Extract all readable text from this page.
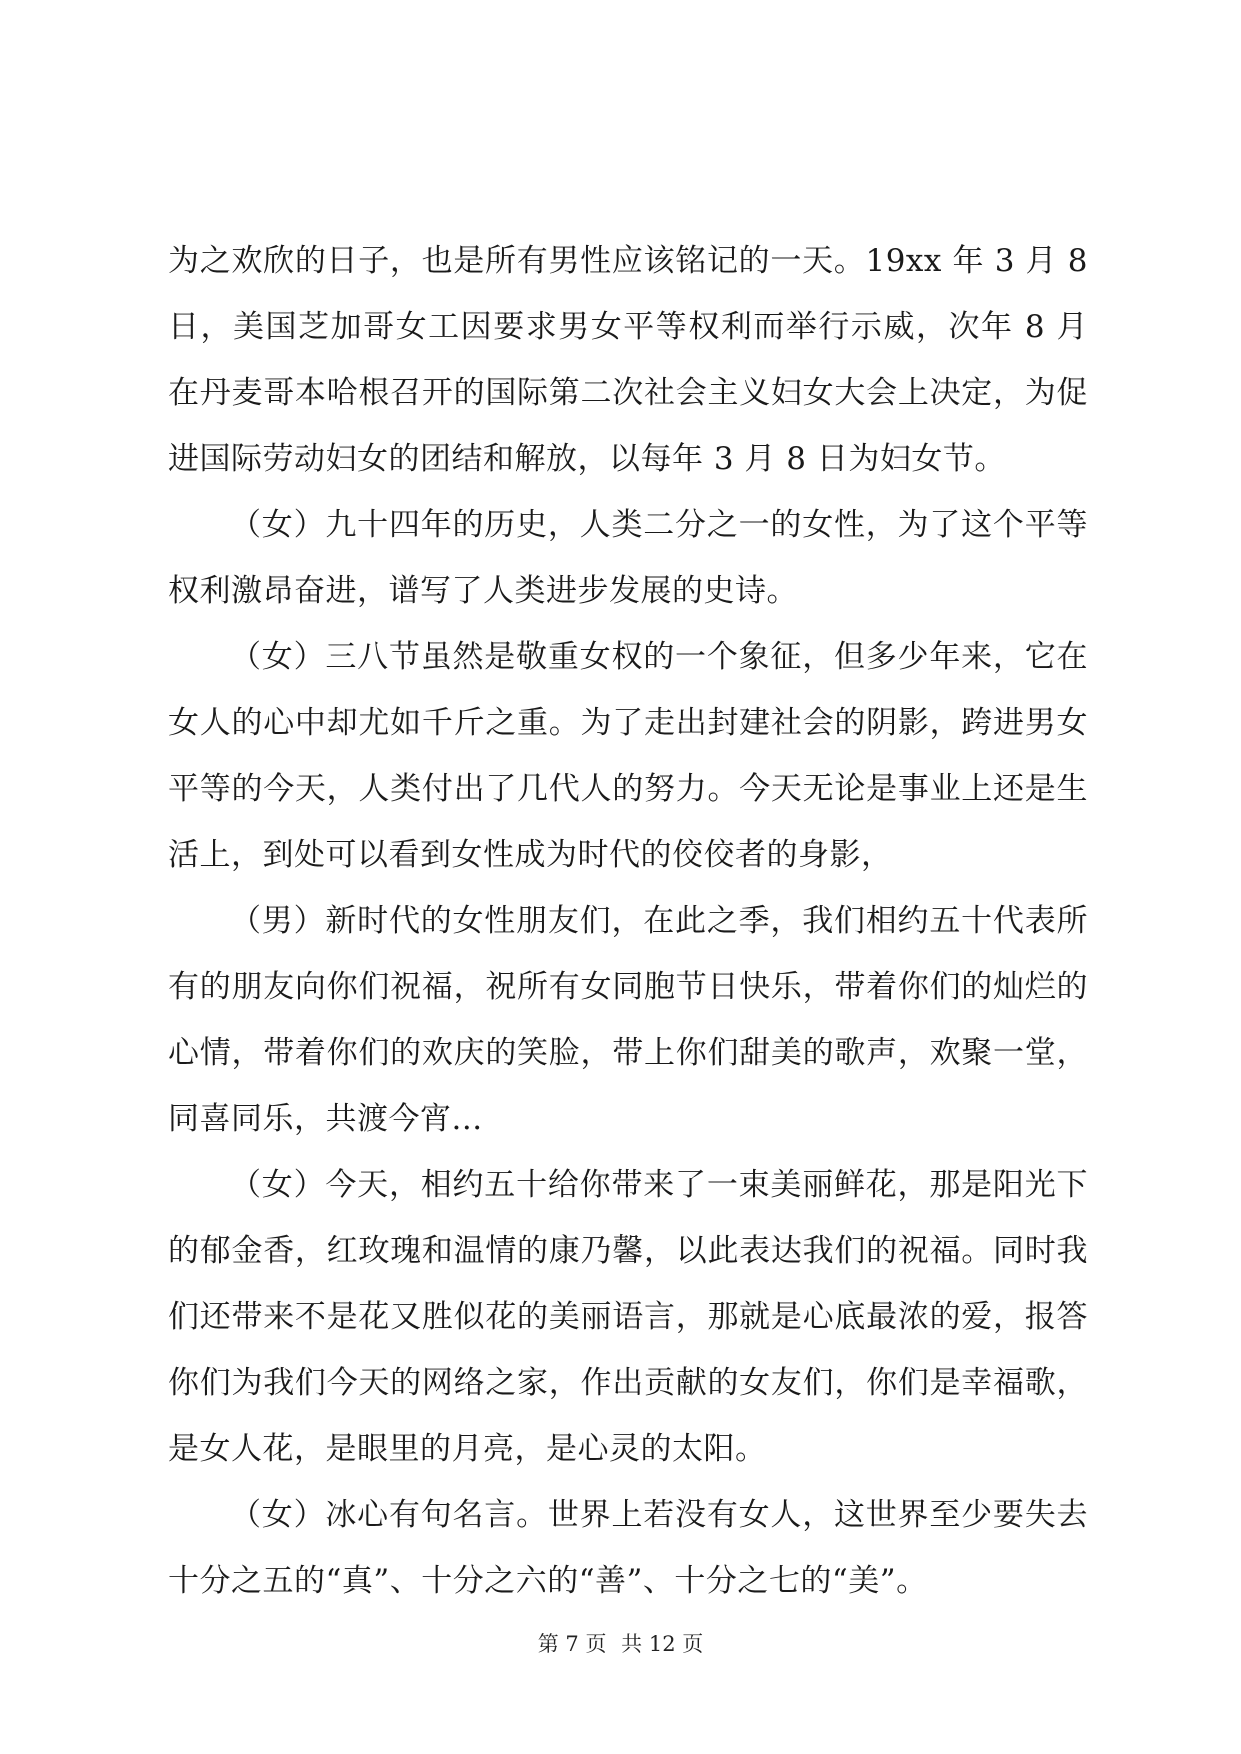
为之欢欣的日子，也是所有男性应该铭记的一天。19xx 年 3 月 8 日，美国芝加哥女工因要求男女平等权利而举行示威，次年 8 月在丹麦哥本哈根召开的国际第二次社会主义妇女大会上决定，为促进国际劳动妇女的团结和解放，以每年 3 月 8 日为妇女节。

（女）九十四年的历史，人类二分之一的女性，为了这个平等权利激昂奋进，谱写了人类进步发展的史诗。

（女）三八节虽然是敬重女权的一个象征，但多少年来，它在女人的心中却尤如千斤之重。为了走出封建社会的阴影，跨进男女平等的今天，人类付出了几代人的努力。今天无论是事业上还是生活上，到处可以看到女性成为时代的佼佼者的身影，

（男）新时代的女性朋友们，在此之季，我们相约五十代表所有的朋友向你们祝福，祝所有女同胞节日快乐，带着你们的灿烂的心情，带着你们的欢庆的笑脸，带上你们甜美的歌声，欢聚一堂，同喜同乐，共渡今宵...

（女）今天，相约五十给你带来了一束美丽鲜花，那是阳光下的郁金香，红玫瑰和温情的康乃馨，以此表达我们的祝福。同时我们还带来不是花又胜似花的美丽语言，那就是心底最浓的爱，报答你们为我们今天的网络之家，作出贡献的女友们，你们是幸福歌，是女人花，是眼里的月亮，是心灵的太阳。

（女）冰心有句名言。世界上若没有女人，这世界至少要失去十分之五的“真”、十分之六的“善”、十分之七的“美”。

第 7 页 共 12 页
